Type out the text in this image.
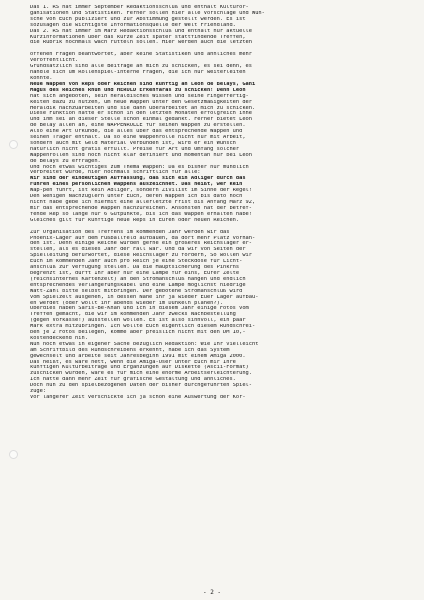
Das 1. RS hat immer September Redaktionsschluß und enthält Kulturor-
ganisationen und Statistiken. Ferner sollen hier alle Vorschläge und Wün-
sche von Euch publiziert und zur Abstimmung gestellt werden. Es ist
sozusagen die wichtigste Informationsquelle der Welt Friendland.
Das 2. RS hat immer im März Redaktionsschluß und enthält nur aktuelle
Kurzinformationen über das kurze Zeit später stattfindende Treffen,
die Rubrik nochmals wach rütteln sollen. Hier werden auch die letzten
offenen Fragen beantwortet, aber keine Statistiken und ähnliches mehr
veröffentlicht.
Grundsätzlich sind alle Beiträge an mich zu schicken, es sei denn, es
handle sich um Rollenspiel-interne Fragen, die ich nur weiterleiten
könnte.
Neue Wappen von Reps oder Reichen sind künftig an Leon de Belays, Gani
Magus des Reiches Rhûn und HEROLD Erkenfaras zu schicken! Denn Leon
hat sich angeboten, sein heraldisches Wissen und seine Fingerfertig-
keiten dazu zu nutzen, um neue Wappen unter den Gesetzmäßigkeiten der
Heraldik nachzuarbeiten und sie dann überarbeitet an mich zu schicken.
Diese Funktion hatte er schon in den letzten Monaten erfolgreich inne
und ihm sei an dieser Stelle schon einmal gedankt. Ferner bietet Leon
de Belay allen an, eine WAPPENROLLE für seinen Wappen zu erstellen.
Also eine Art Urkunde, die alles über das entsprechende Wappen und
seinen Träger enthält. Da so eine Wappenrolle nicht nur mit Arbeit,
sondern auch mit Geld Material verbunden ist, wird er ein Wunsch
natürlich nicht gratis erfüllt. Preise für Art und Umfang solcher
Wappenrollen sind noch nicht klar definiert und momentan nur bei Leon
de Belays zu erfragen.
Und noch etwas wichtiges zum Thema Wappen: Da es bisher nur mündlich
verbreitet wurde, hier nochmals schriftlich für alle:
Wir sind der eindeutigen Auffassung, daß sich ein Adliger durch das
Führen eines persönlichen Wappens auszeichnet. Das heißt, wer kein
Wap-pen führt, ist kein Adliger, sondern Zivilist im Sinne der Regel!
Den wenigen Nachzüglern unter Euch, deren Wappen ich bis dato noch
nicht habe gebe ich hiermit eine allerletzte Frist bis Anfang März 92,
mir das entsprechende Wappen nachzureichen. Ansonsten hat der betref-
fende Rep so lange nur 6 Gutpunkte, bis ich das Wappen erhalten habe!
Gleiches gilt für künftige neue Reps in Euren oder neuen Reichen.
Zur Organisation des Treffens im kommenden Jahr werden wir das
Phoenix-Lager auf dem Fußballfeld aufbauen, da dort mehr Platz vorhan-
den ist. Denn einige Reiche würden gerne ein größeres Reichslager er-
stellen, als es dieses Jahr der Fall war. Und da wir von Seiten der
Spielleitung befürwortet, diese Reichslager zu fördern, So wollen wir
Euch im kommenden Jahr auch pro Reich je eine Steckdose für Licht-
anschluß zur Verfügung stellen. Da die Hauptsicherung des Pinkrns
begrenzt ist, dürft Ihr aber nur eine Lampe für eins, Eurer Zelte
(reichsinternes Kartenzelt) an den Stromanschluß hängen und endlich
entsprechendes Verlängerungskabel und eine Lampe möglichst niedrige
Watt-Zahl bitte selbst mitbringen. Der gebotene Stromanschluß wird
vom Spielzelt ausgehen, in dessen Nähe ihr ja wieder Euer Lager aufbau-
en werdet (oder wollt ihr abends wieder im Dunkeln planen?).
Uberdies haben Saris-Be-Khan und ich in diesem Jahr einige Fotos vom
Treffen gemacht, die wir im kommenden Jahr zwecks Nachbestellung
(gegen Vorkasse!) ausstellen wollen. Es ist also sinnvoll, ein paar
Mark extra mitzubringen. Ich wollte Euch eigentlich diesem Rundschrei-
ben je 2 Fotos beilegen, komme aber preislich nicht mit den DM 10,-
kostendeckend hin.
Nun noch etwas in eigener Sache bezüglich Redaktion: Wie Ihr vielleicht
am Schriftbild des Rundschreibens erkennt, habe ich das System
gewechselt und arbeite seit Jahresbeginn 1991 mit einem Amiga 2000.
Das heißt, es wäre nett, wenn die Amiga-User unter Euch mir Ihre
künftigen Kulturbeiträge und Ergänzungen auf Diskette (Ascii-Format)
zuschicken würden, wäre es für mich eine enorme Arbeitserleichterung.
Ich hatte dann mehr Zeit für grafische Gestaltung und ähnliches.
Doch nun zu den spielbezogenen Daten der bisher durchgeführten Spiel-
züge:
Vor längerer Zeit verschickte ich ja schon eine Auswertung der Kor-
- 2 -
